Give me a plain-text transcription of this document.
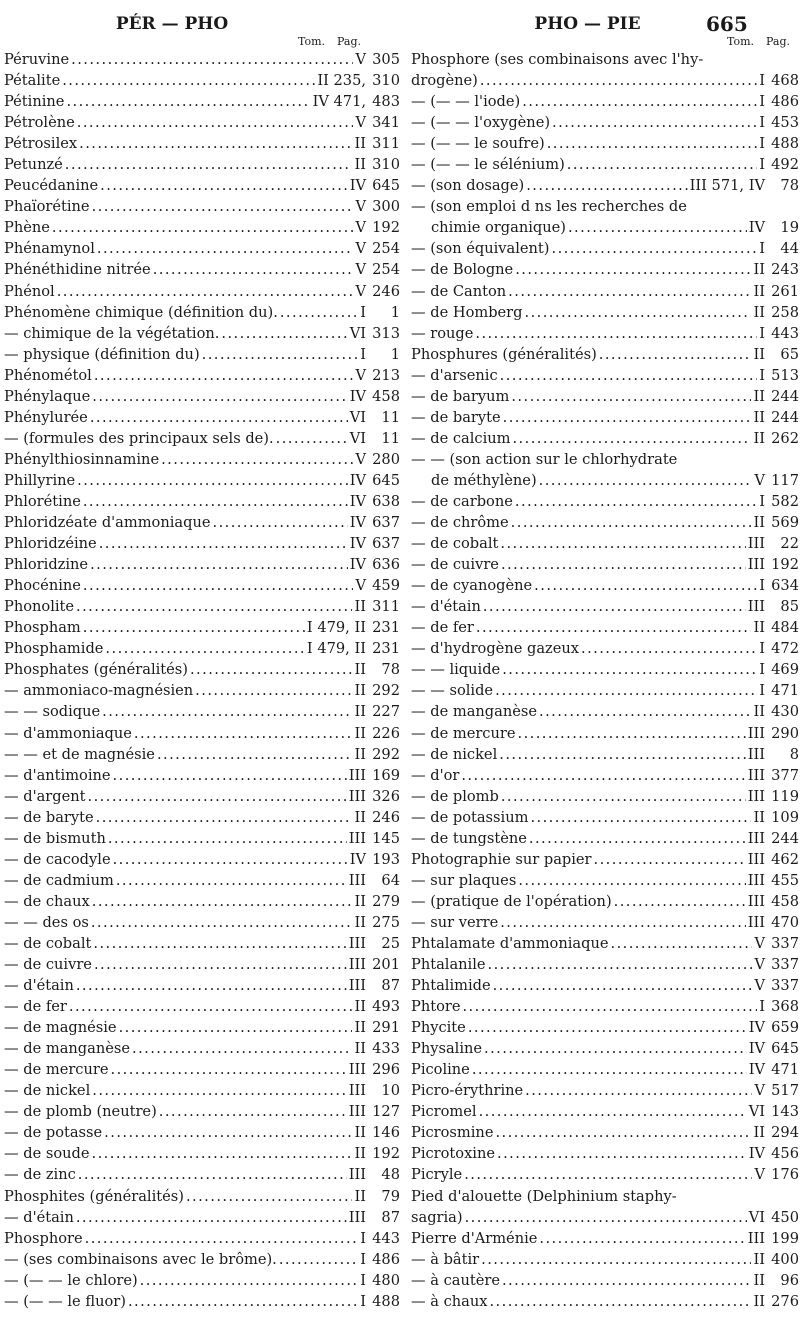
PÉR — PHO	PHO — PIE	665
Tom. Pag.	Tom. Pag.
Péruvine . . .	V 305
Pétalite . . .	II 235, 310
Pétinine . . .	IV 471, 483
Pétrolène . . .	V 341
Pétrosilex . . .	II 311
Petunzé . . .	II 310
Peucédanine . . .	IV 645
Phaïorétine . . .	V 300
Phène . . .	V 192
Phénamynol . . .	V 254
Phénéthidine nitrée . . .	V 254
Phénol . . .	V 246
Phénomène chimique (définition du). . . .	I	1
— chimique de la végétation. . . .	VI 313
— physique (définition du) . . .	I	1
Phénométol . . .	V 213
Phénylaque . . .	IV 458
Phénylurée . . .	VI	11
— (formules des principaux sels de). . . .	VI	11
Phénylthiosinnamine . . .	V 280
Phillyrine . . .	IV 645
Phlorétine . . .	IV 638
Phloridzéate d'ammoniaque . . .	IV 637
Phloridzéine . . .	IV 637
Phloridzine . . .	IV 636
Phocénine . . .	V 459
Phonolite . . .	II 311
Phospham . . .	I 479, II 231
Phosphamide . . .	I 479, II 231
Phosphates (généralités) . . .	II	78
— ammoniaco-magnésien . . .	II 292
— — sodique . . .	II 227
— d'ammoniaque . . .	II 226
— — et de magnésie . . .	II 292
— d'antimoine . . .	III 169
— d'argent . . .	III 326
— de baryte . . .	II 246
— de bismuth . . .	III 145
— de cacodyle . . .	IV 193
— de cadmium . . .	III	64
— de chaux . . .	II 279
— — des os . . .	II 275
— de cobalt . . .	III	25
— de cuivre . . .	III 201
— d'étain . . .	III	87
— de fer . . .	II 493
— de magnésie . . .	II 291
— de manganèse . . .	II 433
— de mercure . . .	III 296
— de nickel . . .	III	10
— de plomb (neutre) . . .	III 127
— de potasse . . .	II 146
— de soude . . .	II 192
— de zinc . . .	III	48
Phosphites (généralités) . . .	II	79
— d'étain . . .	III	87
Phosphore . . .	I 443
— (ses combinaisons avec le brôme). . . .	I 486
— (— — le chlore) . . .	I 480
— (— — le fluor) . . .	I 488
Phosphore (ses combinaisons avec l'hy-
drogène) . . .	I 468
— (— — l'iode) . . .	I 486
— (— — l'oxygène) . . .	I 453
— (— — le soufre) . . .	I 488
— (— — le sélénium) . . .	I 492
— (son dosage) . . .	III 571, IV	78
— (son emploi d ns les recherches de
chimie organique) . . .	IV	19
— (son équivalent) . . .	I	44
— de Bologne . . .	II 243
— de Canton . . .	II 261
— de Homberg . . .	II 258
— rouge . . .	I 443
Phosphures (généralités) . . .	II	65
— d'arsenic . . .	I 513
— de baryum . . .	II 244
— de baryte . . .	II 244
— de calcium . . .	II 262
— — (son action sur le chlorhydrate
de méthylène) . . .	V 117
— de carbone . . .	I 582
— de chrôme . . .	II 569
— de cobalt . . .	III	22
— de cuivre . . .	III 192
— de cyanogène . . .	I 634
— d'étain . . .	III	85
— de fer . . .	II 484
— d'hydrogène gazeux . . .	I 472
— — liquide . . .	I 469
— — solide . . .	I 471
— de manganèse . . .	II 430
— de mercure . . .	III 290
— de nickel . . .	III	8
— d'or . . .	III 377
— de plomb . . .	III 119
— de potassium . . .	II 109
— de tungstène . . .	III 244
Photographie sur papier . . .	III 462
— sur plaques . . .	III 455
— (pratique de l'opération) . . .	III 458
— sur verre . . .	III 470
Phtalamate d'ammoniaque . . .	V 337
Phtalanile . . .	V 337
Phtalimide . . .	V 337
Phtore . . .	I 368
Phycite . . .	IV 659
Physaline . . .	IV 645
Picoline . . .	IV 471
Picro-érythrine . . .	V 517
Picromel . . .	VI 143
Picrosmine . . .	II 294
Picrotoxine . . .	IV 456
Picryle . . .	V 176
Pied d'alouette (Delphinium staphy-
sagria) . . .	VI 450
Pierre d'Arménie . . .	III 199
— à bâtir . . .	II 400
— à cautère . . .	II	96
— à chaux . . .	II 276
